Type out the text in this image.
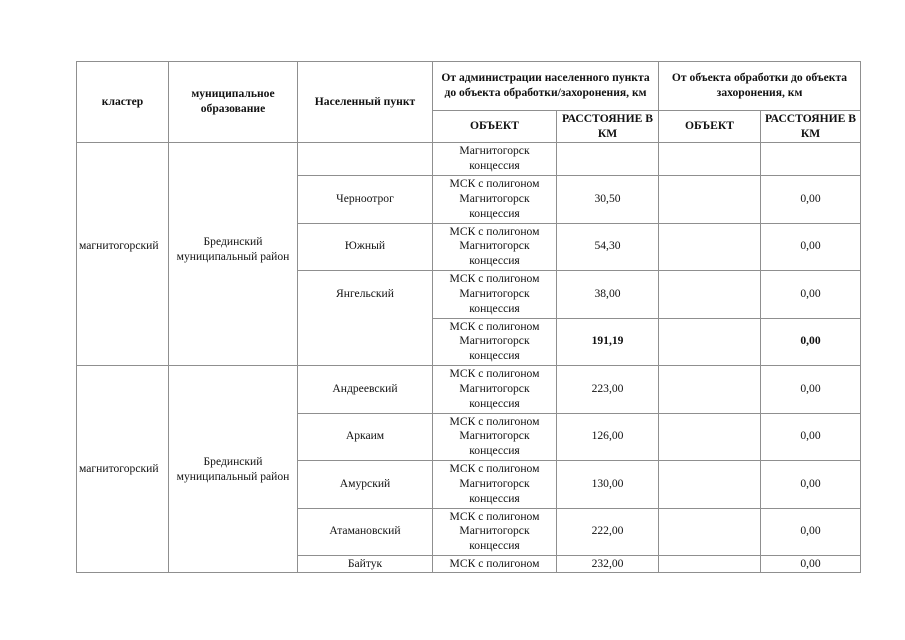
кластер	муниципальное образование	Населенный пункт	От администрации населенного пункта до объекта обработки/захоронения, км		От объекта обработки до объекта захоронения, км	
			ОБЪЕКТ	РАССТОЯНИЕ В КМ	ОБЪЕКТ	РАССТОЯНИЕ В КМ
магнитогорский	Брединский муниципальный район		Магнитогорск концессия			
		Черноотрог	МСК с полигоном Магнитогорск концессия	30,50		0,00
		Южный	МСК с полигоном Магнитогорск концессия	54,30		0,00
		Янгельский	МСК с полигоном Магнитогорск концессия	38,00		0,00
			МСК с полигоном Магнитогорск концессия	191,19		0,00
магнитогорский	Брединский муниципальный район	Андреевский	МСК с полигоном Магнитогорск концессия	223,00		0,00
		Аркаим	МСК с полигоном Магнитогорск концессия	126,00		0,00
		Амурский	МСК с полигоном Магнитогорск концессия	130,00		0,00
		Атамановский	МСК с полигоном Магнитогорск концессия	222,00		0,00
		Байтук	МСК с полигоном	232,00		0,00
